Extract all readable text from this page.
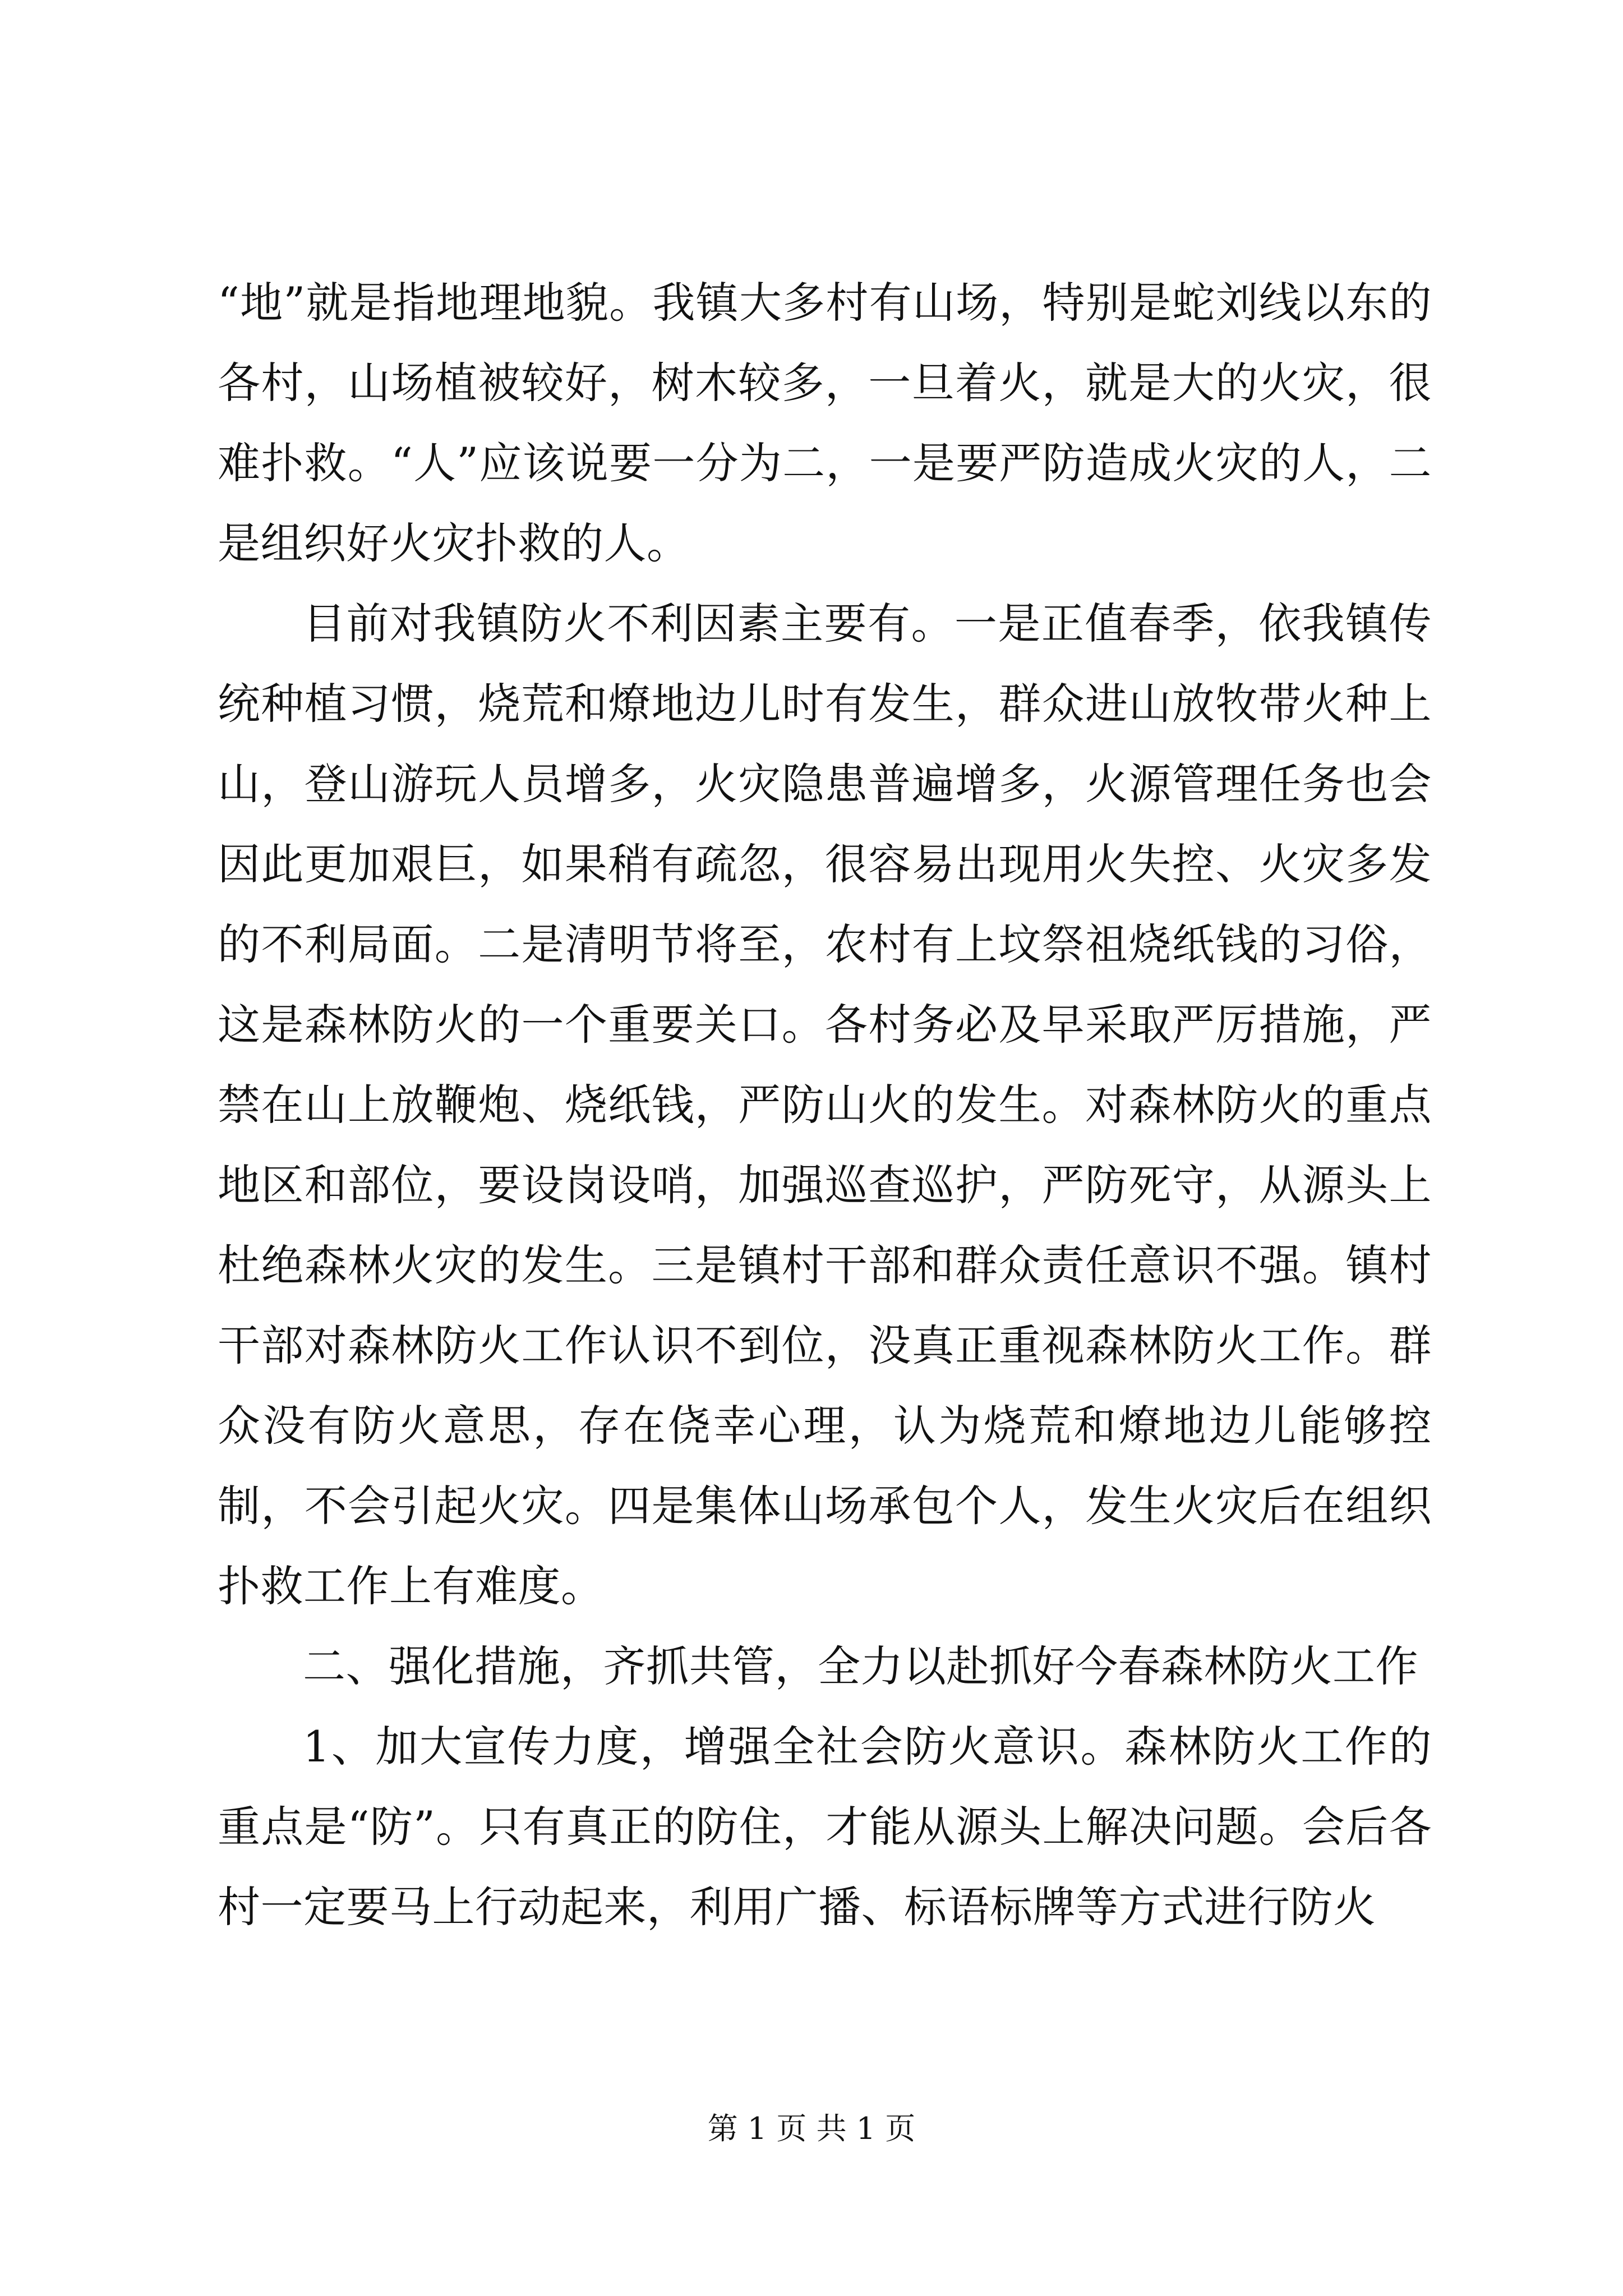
“地”就是指地理地貌。我镇大多村有山场，特别是蛇刘线以东的各村，山场植被较好，树木较多，一旦着火，就是大的火灾，很难扑救。“人”应该说要一分为二，一是要严防造成火灾的人，二是组织好火灾扑救的人。

目前对我镇防火不利因素主要有。一是正值春季，依我镇传统种植习惯，烧荒和燎地边儿时有发生，群众进山放牧带火种上山，登山游玩人员增多，火灾隐患普遍增多，火源管理任务也会因此更加艰巨，如果稍有疏忽，很容易出现用火失控、火灾多发的不利局面。二是清明节将至，农村有上坟祭祖烧纸钱的习俗，这是森林防火的一个重要关口。各村务必及早采取严厉措施，严禁在山上放鞭炮、烧纸钱，严防山火的发生。对森林防火的重点地区和部位，要设岗设哨，加强巡查巡护，严防死守，从源头上杜绝森林火灾的发生。三是镇村干部和群众责任意识不强。镇村干部对森林防火工作认识不到位，没真正重视森林防火工作。群众没有防火意思，存在侥幸心理，认为烧荒和燎地边儿能够控制，不会引起火灾。四是集体山场承包个人，发生火灾后在组织扑救工作上有难度。

二、强化措施，齐抓共管，全力以赴抓好今春森林防火工作

1、加大宣传力度，增强全社会防火意识。森林防火工作的重点是“防”。只有真正的防住，才能从源头上解决问题。会后各村一定要马上行动起来，利用广播、标语标牌等方式进行防火

第 1 页 共 1 页
